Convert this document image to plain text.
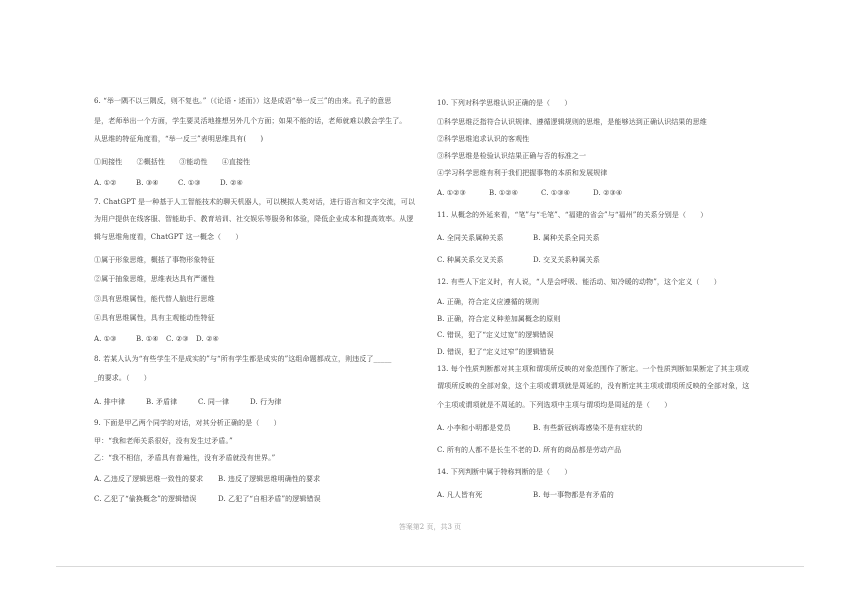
6. “举一隅不以三隅反，则不复也。”（《论语・述而》）这是成语“举一反三”的由来。孔子的意思
是，老师举出一个方面，学生要灵活地推想另外几个方面；如果不能的话，老师就难以教会学生了。
从思维的特征角度看，“举一反三”表明思维具有(　　)
①间接性　　②概括性　　③能动性　　④直接性
A. ①②	B. ③④	C. ①③	D. ②④
7. ChatGPT 是一种基于人工智能技术的聊天机器人，可以模拟人类对话，进行语言和文字交流，可以
为用户提供在线客服、智能助手、教育培训、社交娱乐等服务和体验，降低企业成本和提高效率。从逻
辑与思维角度看，ChatGPT 这一概念（　　）
①属于形象思维，概括了事物形象特征
②属于抽象思维，思维表达具有严谨性
③具有思维属性，能代替人脑进行思维
④具有思维属性，具有主观能动性特征
A. ①③	B. ①④	C. ②③	D. ②④
8. 若某人认为“有些学生不是成实的”与“所有学生都是成实的”这组命题都成立，则违反了_____
_的要求。（　　）
A. 排中律	B. 矛盾律	C. 同一律	D. 行为律
9. 下面是甲乙两个同学的对话，对其分析正确的是（　　）
甲：“我和老师关系很好，没有发生过矛盾。”
乙：“我不相信，矛盾具有普遍性，没有矛盾就没有世界。”
A. 乙违反了逻辑思维一致性的要求	B. 违反了逻辑思维明确性的要求
C. 乙犯了“偷换概念”的逻辑错误	D. 乙犯了“自相矛盾”的逻辑错误
10. 下列对科学思维认识正确的是（　　）
①科学思维泛指符合认识规律、遵循逻辑规则的思维，是能够达到正确认识结果的思维
②科学思维追求认识的客观性
③科学思维是检验认识结果正确与否的标准之一
④学习科学思维有利于我们把握事物的本质和发展规律
A. ①②③	B. ①②④	C. ①③④	D. ②③④
11. 从概念的外延来看，“笔”与“毛笔”、“福建的省会”与“福州”的关系分别是（　　）
A. 全同关系属种关系	B. 属种关系全同关系
C. 种属关系交叉关系	D. 交叉关系种属关系
12. 有些人下定义时，有人说，“人是会呼吸、能活动、知冷暖的动物”，这个定义（　　）
A. 正确，符合定义应遵循的规则
B. 正确，符合定义种差加属概念的原则
C. 错误，犯了“定义过宽”的逻辑错误
D. 错误，犯了“定义过窄”的逻辑错误
13. 每个性质判断都对其主项和谓项所反映的对象范围作了断定。一个性质判断如果断定了其主项或
谓项所反映的全部对象，这个主项或谓项就是周延的，没有断定其主项或谓项所反映的全部对象，这
个主项或谓项就是不周延的。下列选项中主项与谓项均是周延的是（　　）
A. 小李和小明都是党员	B. 有些新冠病毒感染不是有症状的
C. 所有的人都不是长生不老的 D. 所有的商品都是劳动产品
14. 下列判断中属于特称判断的是（　　）
A. 凡人皆有死	B. 每一事物都是有矛盾的
答案第2 页，共3 页
